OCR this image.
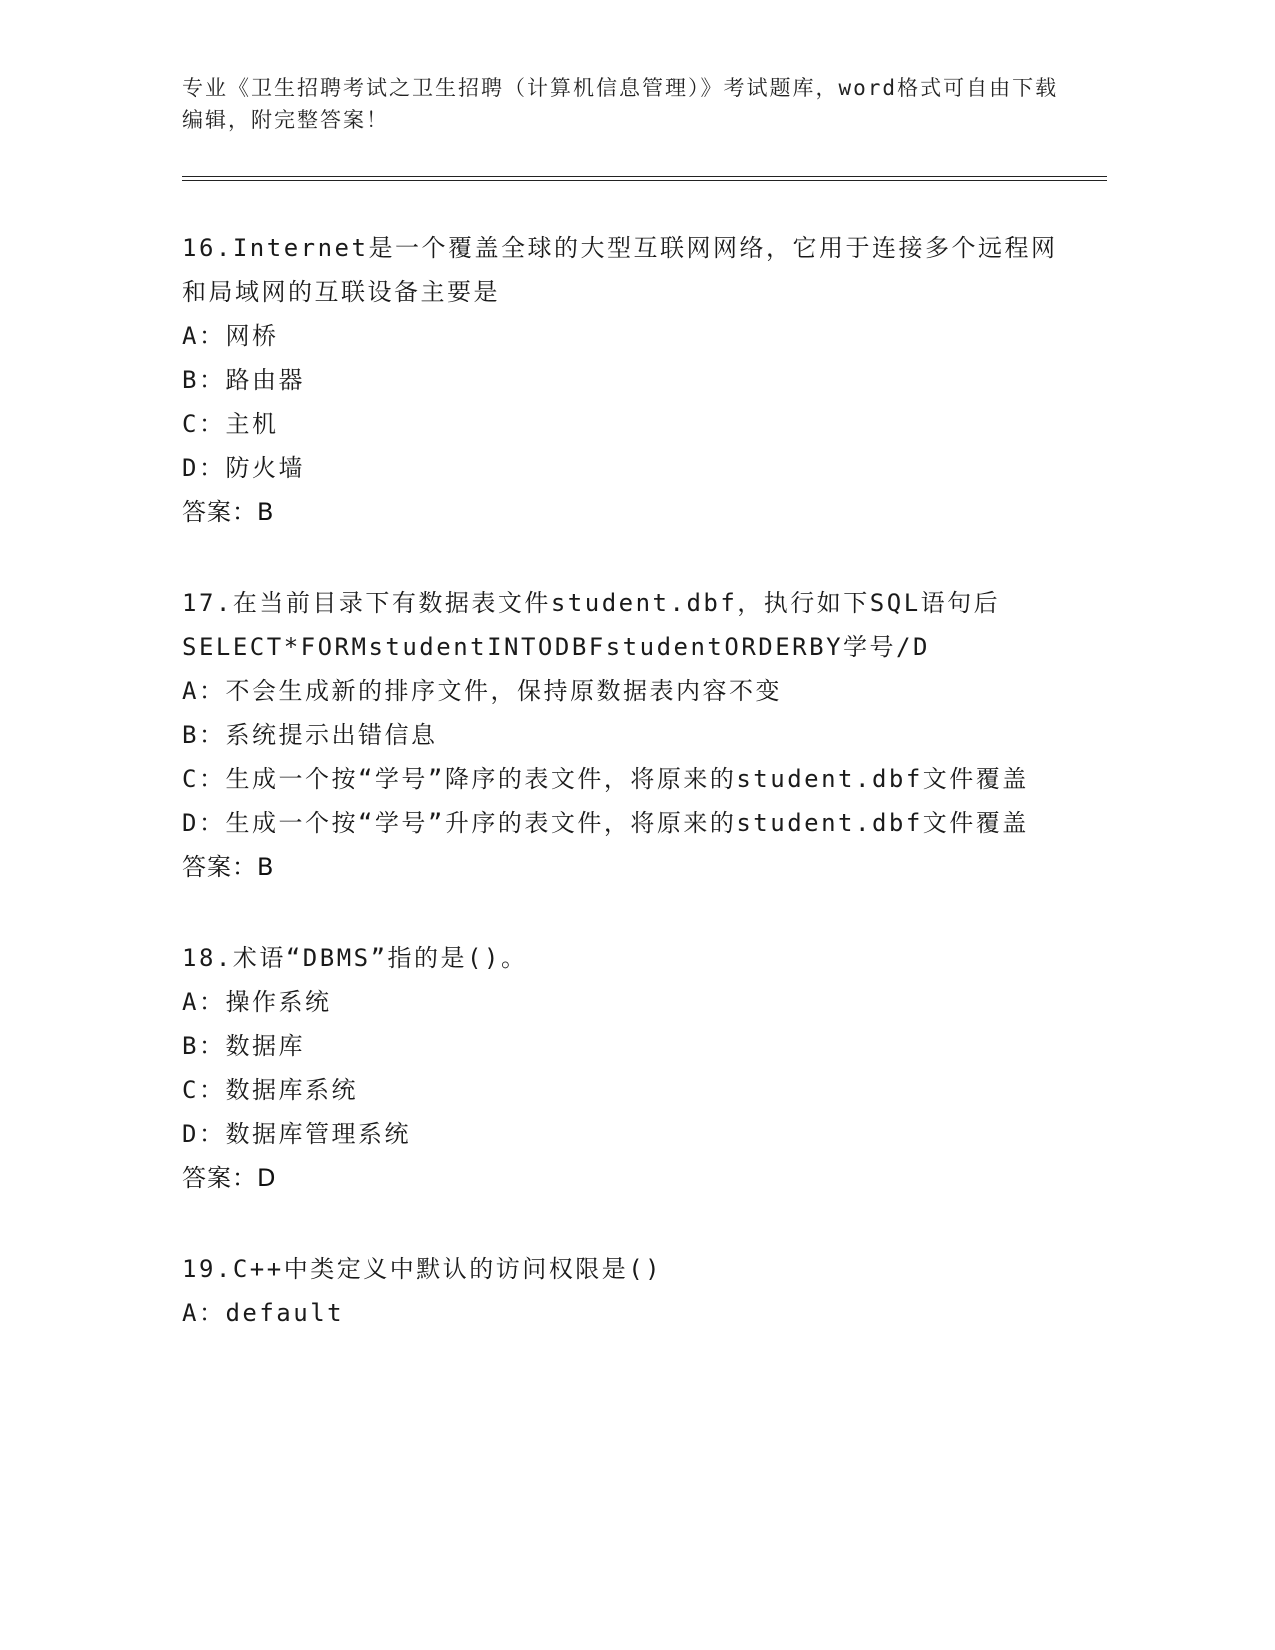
专业《卫生招聘考试之卫生招聘（计算机信息管理）》考试题库，word格式可自由下载编辑，附完整答案！
16.Internet是一个覆盖全球的大型互联网网络，它用于连接多个远程网和局域网的互联设备主要是
A：网桥
B：路由器
C：主机
D：防火墙
答案：B
17.在当前目录下有数据表文件student.dbf，执行如下SQL语句后
SELECT*FORMstudentINTODBFstudentORDERBY学号/D
A：不会生成新的排序文件，保持原数据表内容不变
B：系统提示出错信息
C：生成一个按“学号”降序的表文件，将原来的student.dbf文件覆盖
D：生成一个按“学号”升序的表文件，将原来的student.dbf文件覆盖
答案：B
18.术语“DBMS”指的是()。
A：操作系统
B：数据库
C：数据库系统
D：数据库管理系统
答案：D
19.C++中类定义中默认的访问权限是()
A：default
